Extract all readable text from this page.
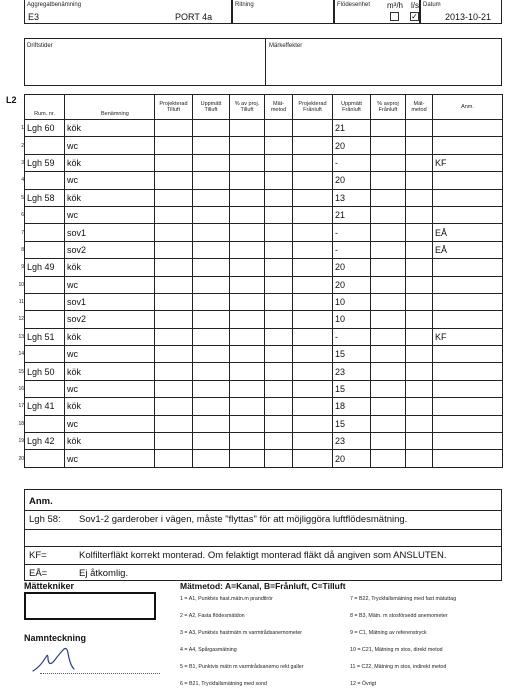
Aggregatbenämning
E3	PORT 4a
Ritning	Flödesenhet m³/h l/s
✓
Datum
2013-10-21
Driftstider	Märkeffekter
L2
Rum. nr.	Benämning	Projekterad Tilluft	Uppmätt Tilluft	% av proj. Tilluft	Mät-metod	Projekterad Frånluft	Uppmätt Frånluft	% avproj Frånluft	Mät-metod	Anm.
Lgh 60	kök						21			
	wc						20			
Lgh 59	kök						-			KF
	wc						20			
Lgh 58	kök						13			
	wc						21			
	sov1						-			EÅ
	sov2						-			EÅ
Lgh 49	kök						20			
	wc						20			
	sov1						10			
	sov2						10			
Lgh 51	kök						-			KF
	wc						15			
Lgh 50	kök						23			
	wc						15			
Lgh 41	kök						18			
	wc						15			
Lgh 42	kök						23			
	wc						20			
1
2
3
4
5
6
7
8
9
10
11
12
13
14
15
16
17
18
19
20
Anm.
Lgh 58: Sov1-2 garderober i vägen, måste "flyttas" för att möjliggöra luftflödesmätning.
KF=	Kolfilterfläkt korrekt monterad. Om felaktigt monterad fläkt då angiven som ANSLUTEN.
EÅ=	Ej åtkomlig.
Mättekniker
Namnteckning
Mätmetod: A=Kanal, B=Frånluft, C=Tilluft
1 = A1, Punktvis hast.mätn.m prandtlrör
2 = A2, Fasta flödesmätdon
3 = A3, Punktvis hastmätn m varmtrådsanemometer
4 = A4, Spårgasmätning
5 = B1, Punktvis mätn m varmtrådsanemo rekt galler
6 = B21, Tryckfallsmätning med sond
7 = B22, Tryckfallsmätning med fast mätuttag
8 = B3, Mätn. m stosförsedd anemometer
9 = C1, Mätning av referenstryck
10 = C21, Mätning m stos, direkt metod
11 = C22, Mätning m stos, indirekt metod
12 = Övrigt
